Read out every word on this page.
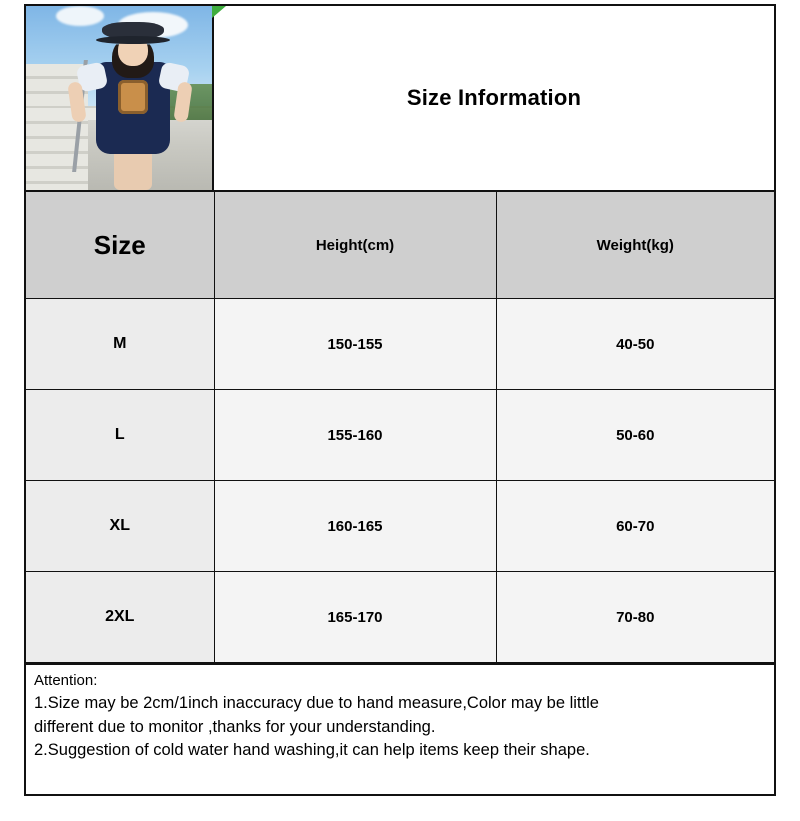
Size Information
Size	Height(cm)	Weight(kg)
M	150-155	40-50
L	155-160	50-60
XL	160-165	60-70
2XL	165-170	70-80

Attention:

1.Size may be 2cm/1inch inaccuracy due to hand measure,Color may be little

different due to monitor ,thanks for your understanding.

2.Suggestion of cold water hand washing,it can help items keep their shape.
